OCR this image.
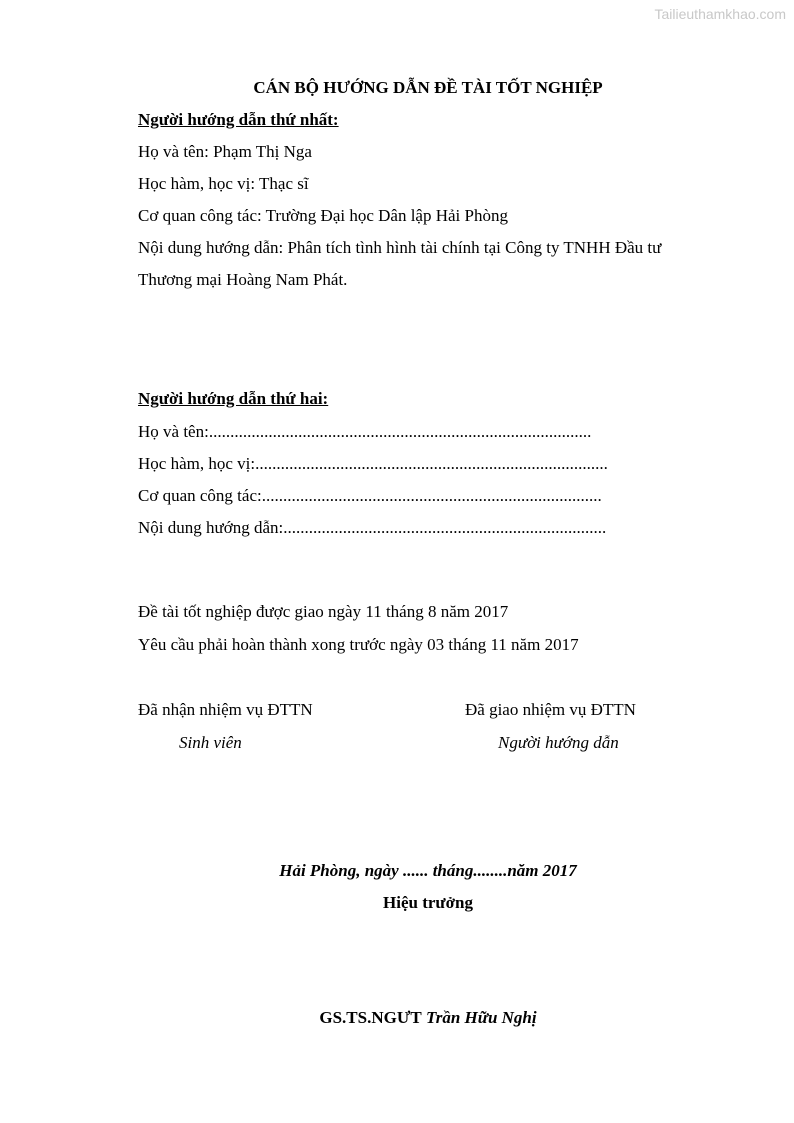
Tailieuthamkhao.com
CÁN BỘ HƯỚNG DẪN ĐỀ TÀI TỐT NGHIỆP
Người hướng dẫn thứ nhất:
Họ và tên: Phạm Thị Nga
Học hàm, học vị: Thạc sĩ
Cơ quan công tác: Trường Đại học Dân lập Hải Phòng
Nội dung hướng dẫn: Phân tích tình hình tài chính tại Công ty TNHH Đầu tư
Thương mại Hoàng Nam Phát.
Người hướng dẫn thứ hai:
Họ và tên:..........................................................................................
Học hàm, học vị:...................................................................................
Cơ quan công tác:................................................................................
Nội dung hướng dẫn:............................................................................
Đề tài tốt nghiệp được giao ngày 11 tháng 8 năm 2017
Yêu cầu phải hoàn thành xong trước ngày 03 tháng 11 năm 2017
Đã nhận nhiệm vụ ĐTTN
Sinh viên
Đã giao nhiệm vụ ĐTTN
Người hướng dẫn
Hải Phòng, ngày ...... tháng........năm 2017
Hiệu trưởng
GS.TS.NGƯT Trần Hữu Nghị
